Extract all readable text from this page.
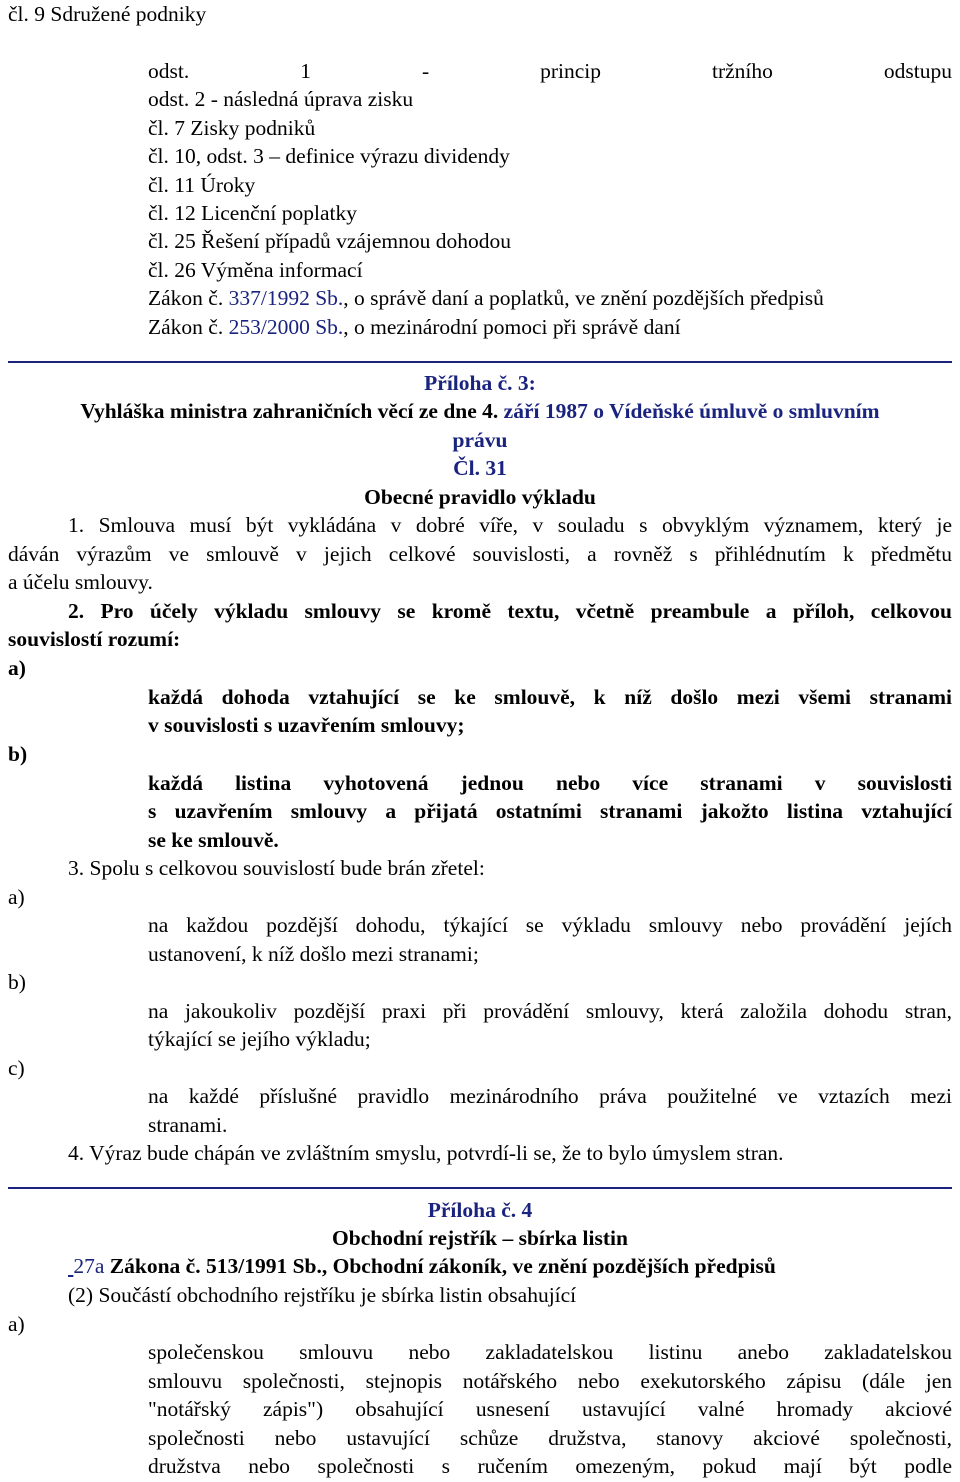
čl. 9 Sdružené podniky
odst.	1	-	princip	tržního	odstupu
odst. 2 - následná úprava zisku
čl. 7 Zisky podniků
čl. 10, odst. 3 – definice výrazu dividendy
čl. 11 Úroky
čl. 12 Licenční poplatky
čl. 25 Řešení případů vzájemnou dohodou
čl. 26 Výměna informací
Zákon č. 337/1992 Sb., o správě daní a poplatků, ve znění pozdějších předpisů
Zákon č. 253/2000 Sb., o mezinárodní pomoci při správě daní
Příloha č. 3:
Vyhláška ministra zahraničních věcí ze dne 4. září 1987 o Vídeňské úmluvě o smluvním
právu
Čl. 31
Obecné pravidlo výkladu
1. Smlouva musí být vykládána v dobré víře, v souladu s obvyklým významem, který je
dáván výrazům ve smlouvě v jejich celkové souvislosti, a rovněž s přihlédnutím k předmětu
a účelu smlouvy.
2. Pro účely výkladu smlouvy se kromě textu, včetně preambule a příloh, celkovou
souvislostí rozumí:
a)
každá dohoda vztahující se ke smlouvě, k níž došlo mezi všemi stranami
v souvislosti s uzavřením smlouvy;
b)
každá listina vyhotovená jednou nebo více stranami v souvislosti
s uzavřením smlouvy a přijatá ostatními stranami jakožto listina vztahující
se ke smlouvě.
3. Spolu s celkovou souvislostí bude brán zřetel:
a)
na každou pozdější dohodu, týkající se výkladu smlouvy nebo provádění jejích
ustanovení, k níž došlo mezi stranami;
b)
na jakoukoliv pozdější praxi při provádění smlouvy, která založila dohodu stran,
týkající se jejího výkladu;
c)
na každé příslušné pravidlo mezinárodního práva použitelné ve vztazích mezi
stranami.
4. Výraz bude chápán ve zvláštním smyslu, potvrdí-li se, že to bylo úmyslem stran.
Příloha č. 4
Obchodní rejstřík – sbírka listin
27a Zákona č. 513/1991 Sb., Obchodní zákoník, ve znění pozdějších předpisů
(2) Součástí obchodního rejstříku je sbírka listin obsahující
a)
společenskou smlouvu nebo zakladatelskou listinu anebo zakladatelskou
smlouvu společnosti, stejnopis notářského nebo exekutorského zápisu (dále jen
"notářský zápis") obsahující usnesení ustavující valné hromady akciové
společnosti nebo ustavující schůze družstva, stanovy akciové společnosti,
družstva nebo společnosti s ručením omezeným, pokud mají být podle
